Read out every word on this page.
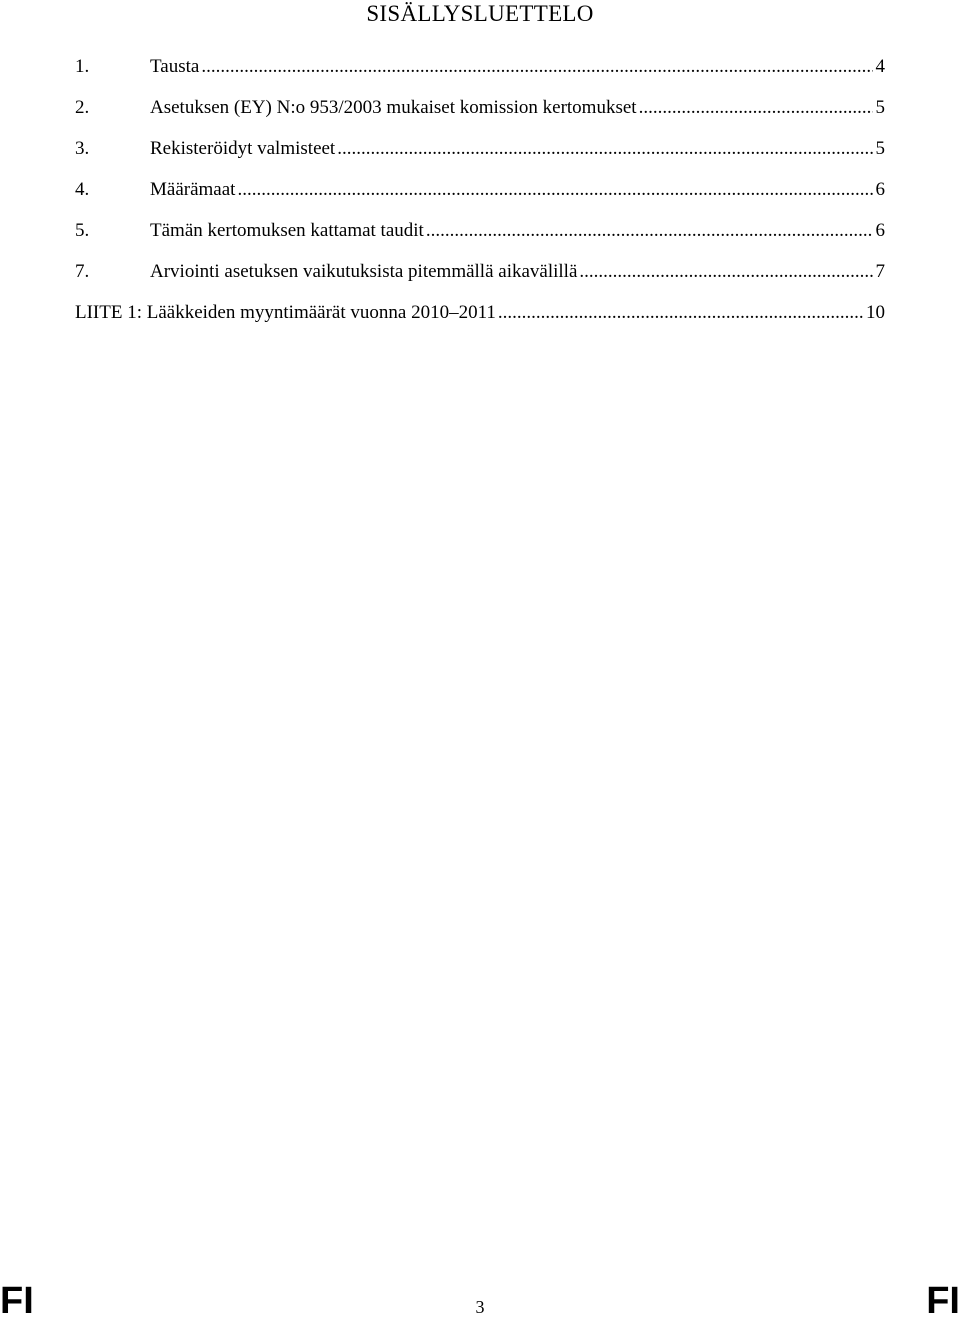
SISÄLLYSLUETTELO
1.	Tausta .....	4
2.	Asetuksen (EY) N:o 953/2003 mukaiset komission kertomukset .....	5
3.	Rekisteröidyt valmisteet .....	5
4.	Määrämaat .....	6
5.	Tämän kertomuksen kattamat taudit .....	6
7.	Arviointi asetuksen vaikutuksista pitemmällä aikavälillä .....	7
LIITE 1: Lääkkeiden myyntimäärät vuonna 2010–2011 .....	10
FI	3	FI
